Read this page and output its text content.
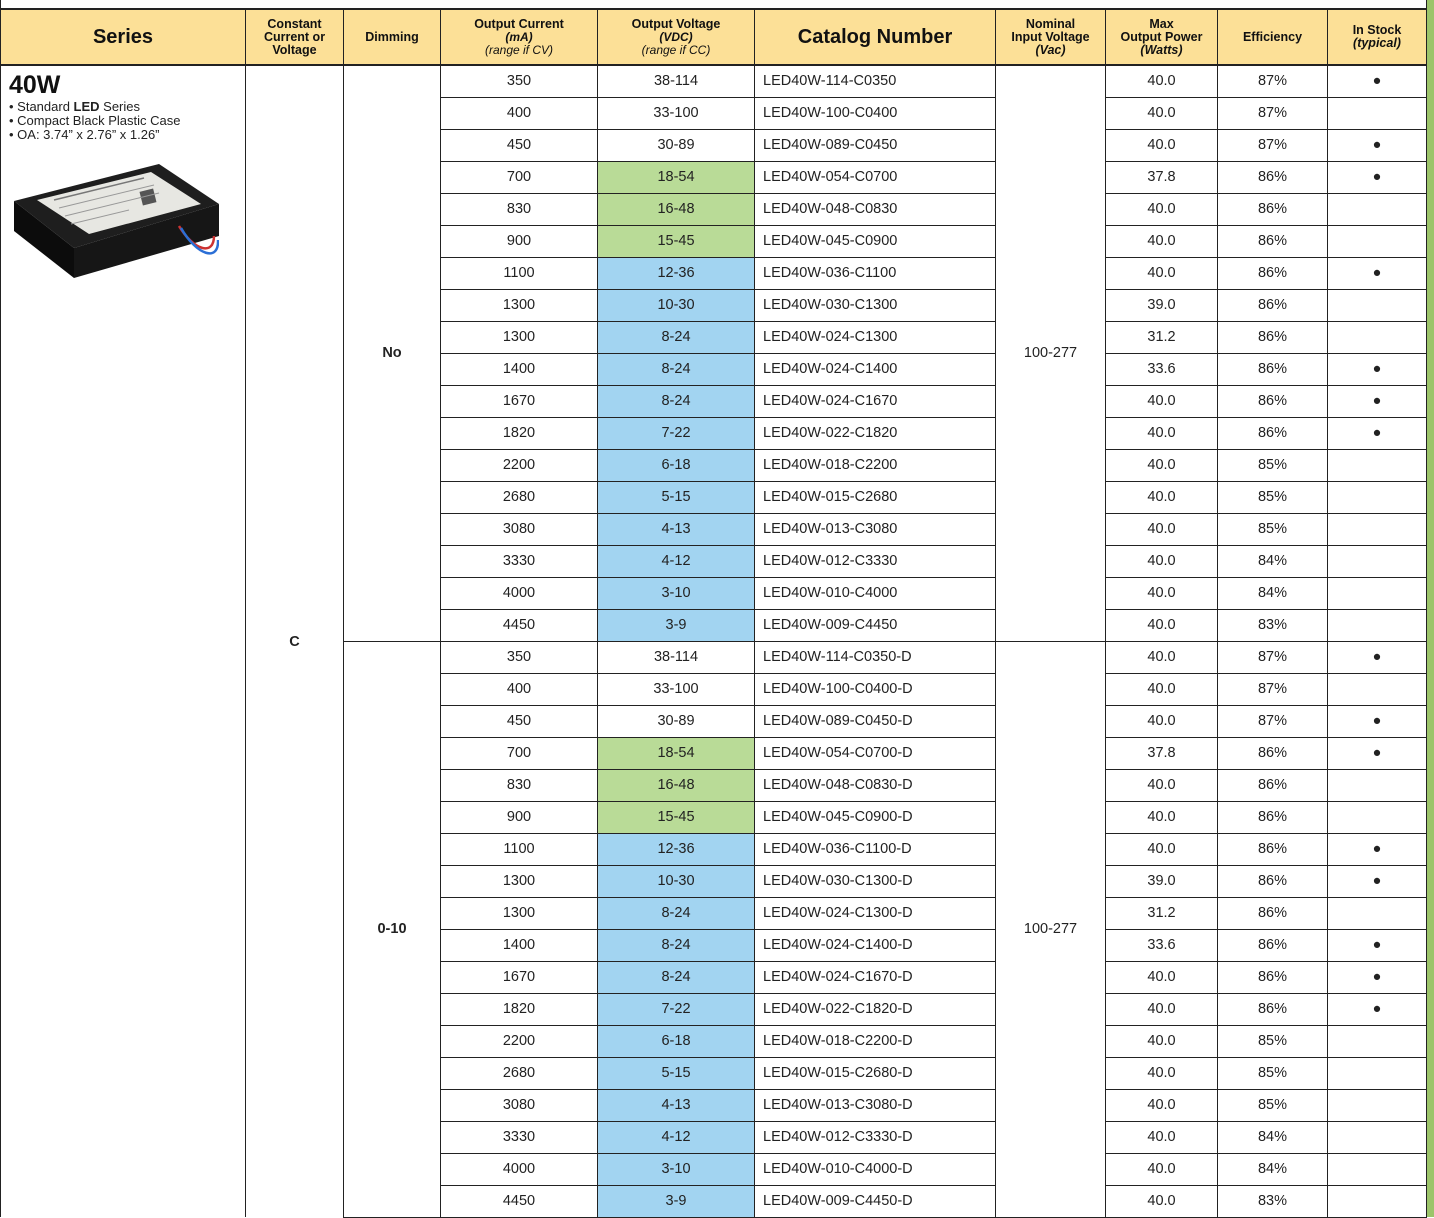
Series	Constant
Current or
Voltage	Dimming	Output Current
(mA)
(range if CV)	Output Voltage
(VDC)
(range if CC)	Catalog Number	Nominal
Input Voltage
(Vac)	Max
Output Power
(Watts)	Efficiency	In Stock
(typical)

40W
• Standard LED Series
• Compact Black Plastic Case
• OA: 3.74” x 2.76” x 1.26”	C	No	350	38-114	LED40W-114-C0350	100-277	40.0	87%	●
			400	33-100	LED40W-100-C0400		40.0	87%	
			450	30-89	LED40W-089-C0450		40.0	87%	●
			700	18-54	LED40W-054-C0700		37.8	86%	●
			830	16-48	LED40W-048-C0830		40.0	86%	
			900	15-45	LED40W-045-C0900		40.0	86%	
			1100	12-36	LED40W-036-C1100		40.0	86%	●
			1300	10-30	LED40W-030-C1300		39.0	86%	
			1300	8-24	LED40W-024-C1300		31.2	86%	
			1400	8-24	LED40W-024-C1400		33.6	86%	●
			1670	8-24	LED40W-024-C1670		40.0	86%	●
			1820	7-22	LED40W-022-C1820		40.0	86%	●
			2200	6-18	LED40W-018-C2200		40.0	85%	
			2680	5-15	LED40W-015-C2680		40.0	85%	
			3080	4-13	LED40W-013-C3080		40.0	85%	
			3330	4-12	LED40W-012-C3330		40.0	84%	
			4000	3-10	LED40W-010-C4000		40.0	84%	
			4450	3-9	LED40W-009-C4450		40.0	83%	
		0-10	350	38-114	LED40W-114-C0350-D	100-277	40.0	87%	●
			400	33-100	LED40W-100-C0400-D		40.0	87%	
			450	30-89	LED40W-089-C0450-D		40.0	87%	●
			700	18-54	LED40W-054-C0700-D		37.8	86%	●
			830	16-48	LED40W-048-C0830-D		40.0	86%	
			900	15-45	LED40W-045-C0900-D		40.0	86%	
			1100	12-36	LED40W-036-C1100-D		40.0	86%	●
			1300	10-30	LED40W-030-C1300-D		39.0	86%	●
			1300	8-24	LED40W-024-C1300-D		31.2	86%	
			1400	8-24	LED40W-024-C1400-D		33.6	86%	●
			1670	8-24	LED40W-024-C1670-D		40.0	86%	●
			1820	7-22	LED40W-022-C1820-D		40.0	86%	●
			2200	6-18	LED40W-018-C2200-D		40.0	85%	
			2680	5-15	LED40W-015-C2680-D		40.0	85%	
			3080	4-13	LED40W-013-C3080-D		40.0	85%	
			3330	4-12	LED40W-012-C3330-D		40.0	84%	
			4000	3-10	LED40W-010-C4000-D		40.0	84%	
			4450	3-9	LED40W-009-C4450-D		40.0	83%	
